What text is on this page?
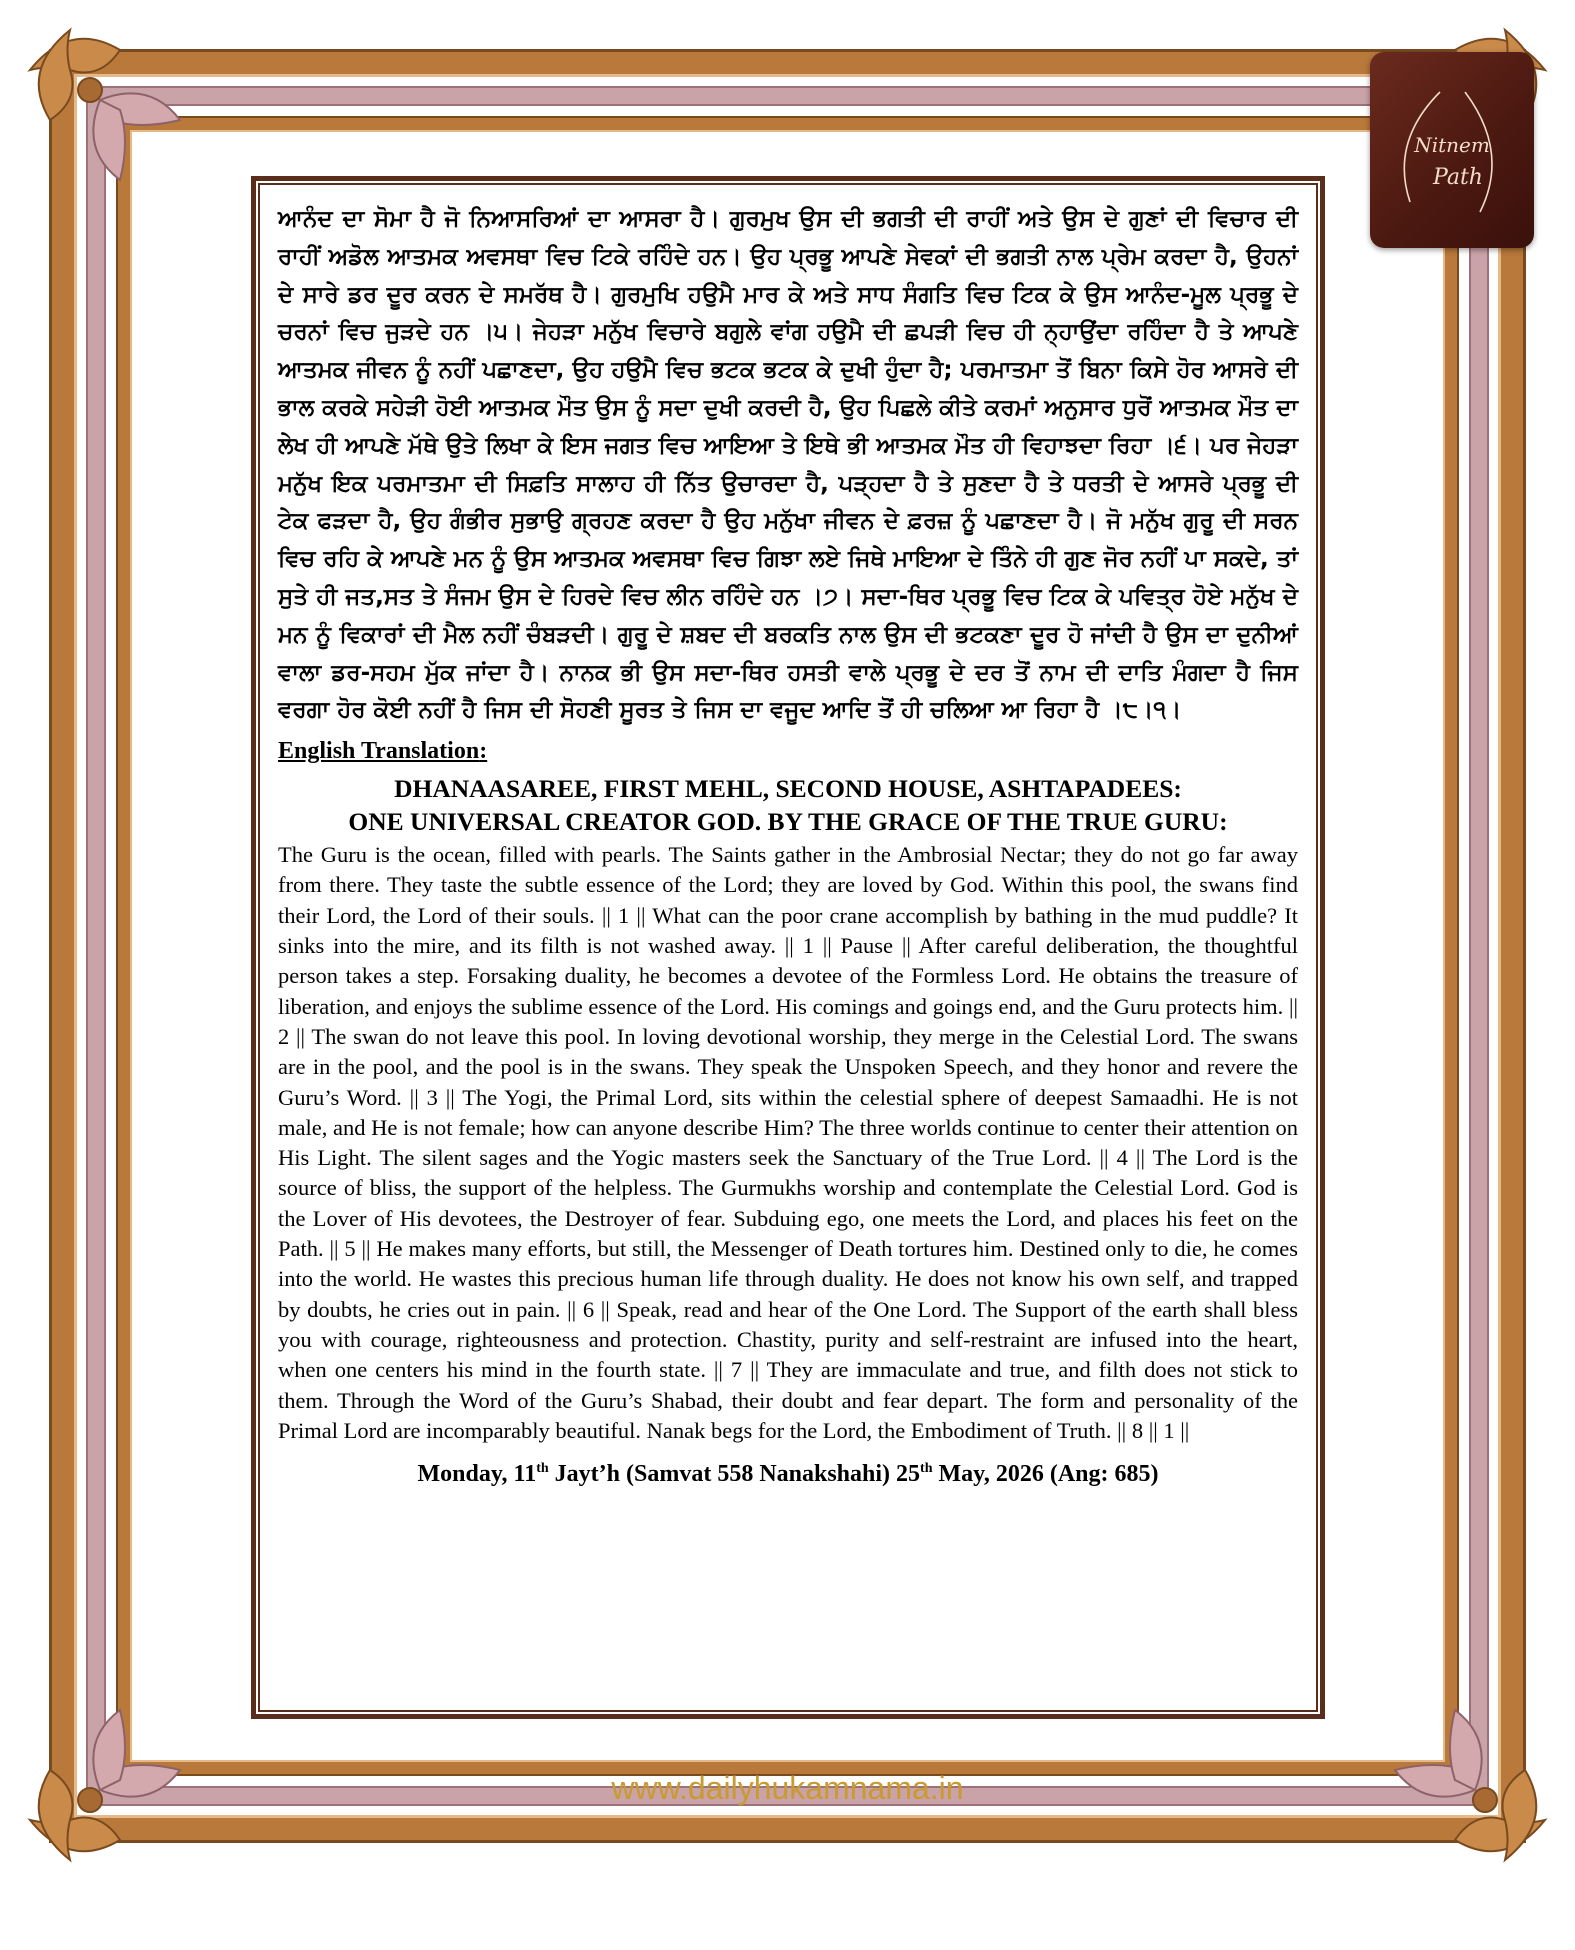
Nitnem
Path

ਆਨੰਦ ਦਾ ਸੋਮਾ ਹੈ ਜੋ ਨਿਆਸਰਿਆਂ ਦਾ ਆਸਰਾ ਹੈ। ਗੁਰਮੁਖ ਉਸ ਦੀ ਭਗਤੀ ਦੀ ਰਾਹੀਂ ਅਤੇ ਉਸ ਦੇ ਗੁਣਾਂ ਦੀ ਵਿਚਾਰ ਦੀ ਰਾਹੀਂ ਅਡੋਲ ਆਤਮਕ ਅਵਸਥਾ ਵਿਚ ਟਿਕੇ ਰਹਿੰਦੇ ਹਨ। ਉਹ ਪ੍ਰਭੂ ਆਪਣੇ ਸੇਵਕਾਂ ਦੀ ਭਗਤੀ ਨਾਲ ਪ੍ਰੇਮ ਕਰਦਾ ਹੈ, ਉਹਨਾਂ ਦੇ ਸਾਰੇ ਡਰ ਦੂਰ ਕਰਨ ਦੇ ਸਮਰੱਥ ਹੈ। ਗੁਰਮੁਖਿ ਹਉਮੈ ਮਾਰ ਕੇ ਅਤੇ ਸਾਧ ਸੰਗਤਿ ਵਿਚ ਟਿਕ ਕੇ ਉਸ ਆਨੰਦ-ਮੂਲ ਪ੍ਰਭੂ ਦੇ ਚਰਨਾਂ ਵਿਚ ਜੁੜਦੇ ਹਨ ।੫। ਜੇਹੜਾ ਮਨੁੱਖ ਵਿਚਾਰੇ ਬਗੁਲੇ ਵਾਂਗ ਹਉਮੈ ਦੀ ਛਪੜੀ ਵਿਚ ਹੀ ਨ੍ਹਾਉਂਦਾ ਰਹਿੰਦਾ ਹੈ ਤੇ ਆਪਣੇ ਆਤਮਕ ਜੀਵਨ ਨੂੰ ਨਹੀਂ ਪਛਾਣਦਾ, ਉਹ ਹਉਮੈ ਵਿਚ ਭਟਕ ਭਟਕ ਕੇ ਦੁਖੀ ਹੁੰਦਾ ਹੈ; ਪਰਮਾਤਮਾ ਤੋਂ ਬਿਨਾ ਕਿਸੇ ਹੋਰ ਆਸਰੇ ਦੀ ਭਾਲ ਕਰਕੇ ਸਹੇੜੀ ਹੋਈ ਆਤਮਕ ਮੌਤ ਉਸ ਨੂੰ ਸਦਾ ਦੁਖੀ ਕਰਦੀ ਹੈ, ਉਹ ਪਿਛਲੇ ਕੀਤੇ ਕਰਮਾਂ ਅਨੁਸਾਰ ਧੁਰੋਂ ਆਤਮਕ ਮੌਤ ਦਾ ਲੇਖ ਹੀ ਆਪਣੇ ਮੱਥੇ ਉਤੇ ਲਿਖਾ ਕੇ ਇਸ ਜਗਤ ਵਿਚ ਆਇਆ ਤੇ ਇਥੇ ਭੀ ਆਤਮਕ ਮੌਤ ਹੀ ਵਿਹਾਝਦਾ ਰਿਹਾ ।੬। ਪਰ ਜੇਹੜਾ ਮਨੁੱਖ ਇਕ ਪਰਮਾਤਮਾ ਦੀ ਸਿਫ਼ਤਿ ਸਾਲਾਹ ਹੀ ਨਿੱਤ ਉਚਾਰਦਾ ਹੈ, ਪੜ੍ਹਦਾ ਹੈ ਤੇ ਸੁਣਦਾ ਹੈ ਤੇ ਧਰਤੀ ਦੇ ਆਸਰੇ ਪ੍ਰਭੂ ਦੀ ਟੇਕ ਫੜਦਾ ਹੈ, ਉਹ ਗੰਭੀਰ ਸੁਭਾਉ ਗ੍ਰਹਣ ਕਰਦਾ ਹੈ ਉਹ ਮਨੁੱਖਾ ਜੀਵਨ ਦੇ ਫ਼ਰਜ਼ ਨੂੰ ਪਛਾਣਦਾ ਹੈ। ਜੋ ਮਨੁੱਖ ਗੁਰੂ ਦੀ ਸਰਨ ਵਿਚ ਰਹਿ ਕੇ ਆਪਣੇ ਮਨ ਨੂੰ ਉਸ ਆਤਮਕ ਅਵਸਥਾ ਵਿਚ ਗਿਝਾ ਲਏ ਜਿਥੇ ਮਾਇਆ ਦੇ ਤਿੰਨੇ ਹੀ ਗੁਣ ਜੋਰ ਨਹੀਂ ਪਾ ਸਕਦੇ, ਤਾਂ ਸੁਤੇ ਹੀ ਜਤ,ਸਤ ਤੇ ਸੰਜਮ ਉਸ ਦੇ ਹਿਰਦੇ ਵਿਚ ਲੀਨ ਰਹਿੰਦੇ ਹਨ ।੭। ਸਦਾ-ਥਿਰ ਪ੍ਰਭੂ ਵਿਚ ਟਿਕ ਕੇ ਪਵਿਤ੍ਰ ਹੋਏ ਮਨੁੱਖ ਦੇ ਮਨ ਨੂੰ ਵਿਕਾਰਾਂ ਦੀ ਮੈਲ ਨਹੀਂ ਚੰਬੜਦੀ। ਗੁਰੂ ਦੇ ਸ਼ਬਦ ਦੀ ਬਰਕਤਿ ਨਾਲ ਉਸ ਦੀ ਭਟਕਣਾ ਦੂਰ ਹੋ ਜਾਂਦੀ ਹੈ ਉਸ ਦਾ ਦੁਨੀਆਂ ਵਾਲਾ ਡਰ-ਸਹਮ ਮੁੱਕ ਜਾਂਦਾ ਹੈ। ਨਾਨਕ ਭੀ ਉਸ ਸਦਾ-ਥਿਰ ਹਸਤੀ ਵਾਲੇ ਪ੍ਰਭੂ ਦੇ ਦਰ ਤੋਂ ਨਾਮ ਦੀ ਦਾਤਿ ਮੰਗਦਾ ਹੈ ਜਿਸ ਵਰਗਾ ਹੋਰ ਕੋਈ ਨਹੀਂ ਹੈ ਜਿਸ ਦੀ ਸੋਹਣੀ ਸੂਰਤ ਤੇ ਜਿਸ ਦਾ ਵਜੂਦ ਆਦਿ ਤੋਂ ਹੀ ਚਲਿਆ ਆ ਰਿਹਾ ਹੈ ।੮।੧।

English Translation:

DHANAASAREE, FIRST MEHL, SECOND HOUSE, ASHTAPADEES:

ONE UNIVERSAL CREATOR GOD. BY THE GRACE OF THE TRUE GURU:

The Guru is the ocean, filled with pearls. The Saints gather in the Ambrosial Nectar; they do not go far away from there. They taste the subtle essence of the Lord; they are loved by God. Within this pool, the swans find their Lord, the Lord of their souls. || 1 || What can the poor crane accomplish by bathing in the mud puddle? It sinks into the mire, and its filth is not washed away. || 1 || Pause || After careful deliberation, the thoughtful person takes a step. Forsaking duality, he becomes a devotee of the Formless Lord. He obtains the treasure of liberation, and enjoys the sublime essence of the Lord. His comings and goings end, and the Guru protects him. || 2 || The swan do not leave this pool. In loving devotional worship, they merge in the Celestial Lord. The swans are in the pool, and the pool is in the swans. They speak the Unspoken Speech, and they honor and revere the Guru’s Word. || 3 || The Yogi, the Primal Lord, sits within the celestial sphere of deepest Samaadhi. He is not male, and He is not female; how can anyone describe Him? The three worlds continue to center their attention on His Light. The silent sages and the Yogic masters seek the Sanctuary of the True Lord. || 4 || The Lord is the source of bliss, the support of the helpless. The Gurmukhs worship and contemplate the Celestial Lord. God is the Lover of His devotees, the Destroyer of fear. Subduing ego, one meets the Lord, and places his feet on the Path. || 5 || He makes many efforts, but still, the Messenger of Death tortures him. Destined only to die, he comes into the world. He wastes this precious human life through duality. He does not know his own self, and trapped by doubts, he cries out in pain. || 6 || Speak, read and hear of the One Lord. The Support of the earth shall bless you with courage, righteousness and protection. Chastity, purity and self-restraint are infused into the heart, when one centers his mind in the fourth state. || 7 || They are immaculate and true, and filth does not stick to them. Through the Word of the Guru’s Shabad, their doubt and fear depart. The form and personality of the Primal Lord are incomparably beautiful. Nanak begs for the Lord, the Embodiment of Truth. || 8 || 1 ||

Monday, 11th Jayt’h (Samvat 558 Nanakshahi) 25th May, 2026 (Ang: 685)

www.dailyhukamnama.in
